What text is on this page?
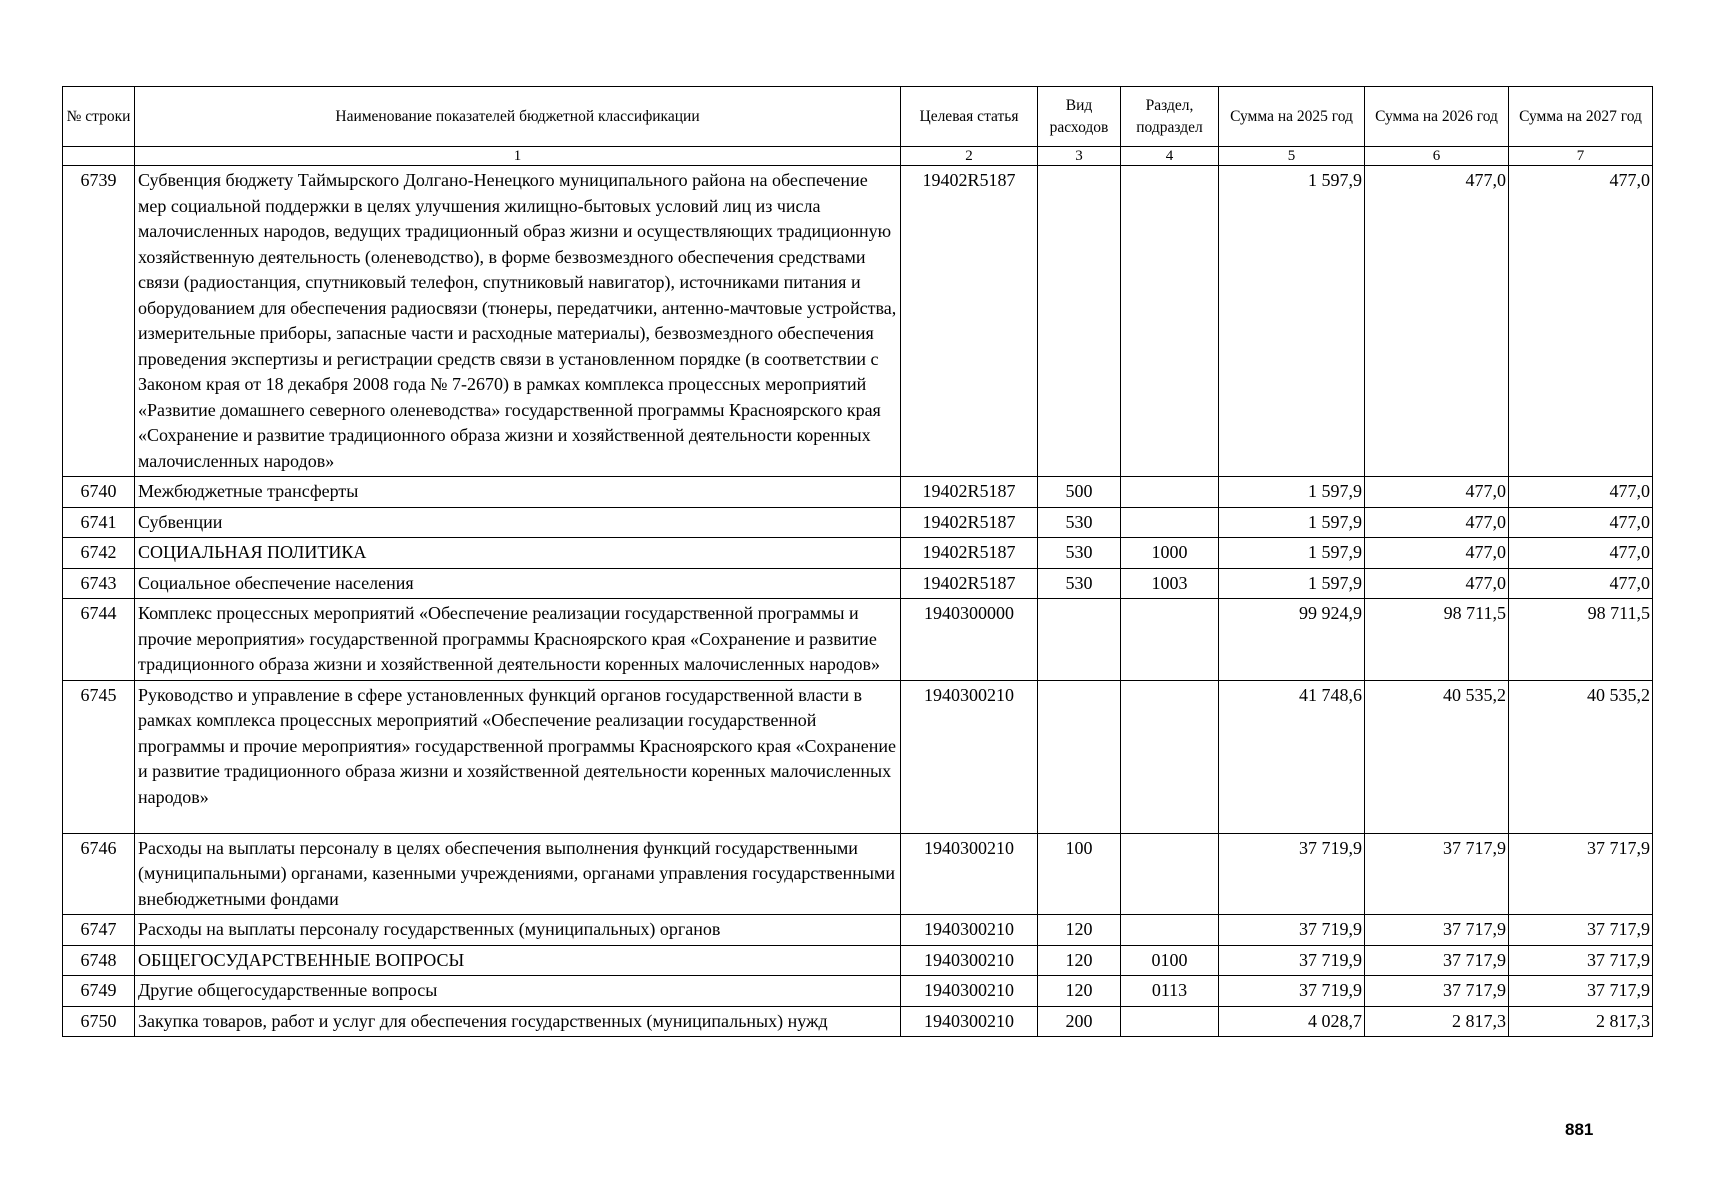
№ строки	Наименование показателей бюджетной классификации	Целевая статья	Вид расходов	Раздел, подраздел	Сумма на 2025 год	Сумма на 2026 год	Сумма на 2027 год
	1	2	3	4	5	6	7
6739	Субвенция бюджету Таймырского Долгано-Ненецкого муниципального района на обеспечение мер социальной поддержки в целях улучшения жилищно-бытовых условий лиц из числа малочисленных народов, ведущих традиционный образ жизни и осуществляющих традиционную хозяйственную деятельность (оленеводство), в форме безвозмездного обеспечения средствами связи (радиостанция, спутниковый телефон, спутниковый навигатор), источниками питания и оборудованием для обеспечения радиосвязи (тюнеры, передатчики, антенно-мачтовые устройства, измерительные приборы, запасные части и расходные материалы), безвозмездного обеспечения проведения экспертизы и регистрации средств связи в установленном порядке (в соответствии с Законом края от 18 декабря 2008 года № 7-2670) в рамках комплекса процессных мероприятий «Развитие домашнего северного оленеводства» государственной программы Красноярского края «Сохранение и развитие традиционного образа жизни и хозяйственной деятельности коренных малочисленных народов»	19402R5187			1 597,9	477,0	477,0
6740	Межбюджетные трансферты	19402R5187	500		1 597,9	477,0	477,0
6741	Субвенции	19402R5187	530		1 597,9	477,0	477,0
6742	СОЦИАЛЬНАЯ ПОЛИТИКА	19402R5187	530	1000	1 597,9	477,0	477,0
6743	Социальное обеспечение населения	19402R5187	530	1003	1 597,9	477,0	477,0
6744	Комплекс процессных мероприятий «Обеспечение реализации государственной программы и прочие мероприятия» государственной программы Красноярского края «Сохранение и развитие традиционного образа жизни и хозяйственной деятельности коренных малочисленных народов»	1940300000			99 924,9	98 711,5	98 711,5
6745	Руководство и управление в сфере установленных функций органов государственной власти в рамках комплекса процессных мероприятий «Обеспечение реализации государственной программы и прочие мероприятия» государственной программы Красноярского края «Сохранение и развитие традиционного образа жизни и хозяйственной деятельности коренных малочисленных народов»	1940300210			41 748,6	40 535,2	40 535,2
6746	Расходы на выплаты персоналу в целях обеспечения выполнения функций государственными (муниципальными) органами, казенными учреждениями, органами управления государственными внебюджетными фондами	1940300210	100		37 719,9	37 717,9	37 717,9
6747	Расходы на выплаты персоналу государственных (муниципальных) органов	1940300210	120		37 719,9	37 717,9	37 717,9
6748	ОБЩЕГОСУДАРСТВЕННЫЕ ВОПРОСЫ	1940300210	120	0100	37 719,9	37 717,9	37 717,9
6749	Другие общегосударственные вопросы	1940300210	120	0113	37 719,9	37 717,9	37 717,9
6750	Закупка товаров, работ и услуг для обеспечения государственных (муниципальных) нужд	1940300210	200		4 028,7	2 817,3	2 817,3
881
